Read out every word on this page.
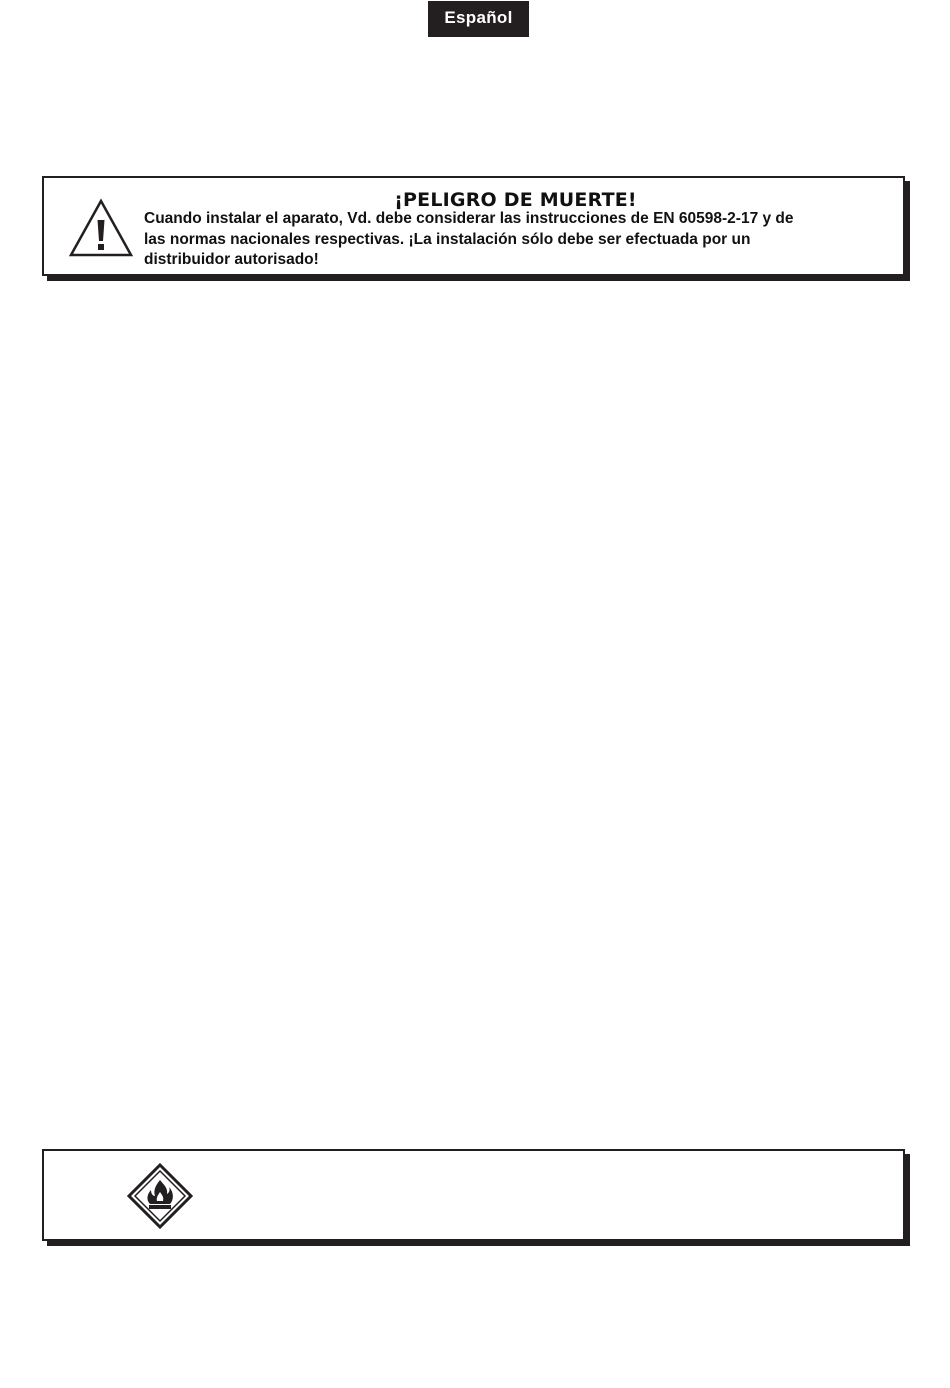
Español
¡PELIGRO DE MUERTE!
Cuando instalar el aparato, Vd. debe considerar las instrucciones de EN 60598-2-17 y de
las normas nacionales respectivas. ¡La instalación sólo debe ser efectuada por un
distribuidor autorisado!
